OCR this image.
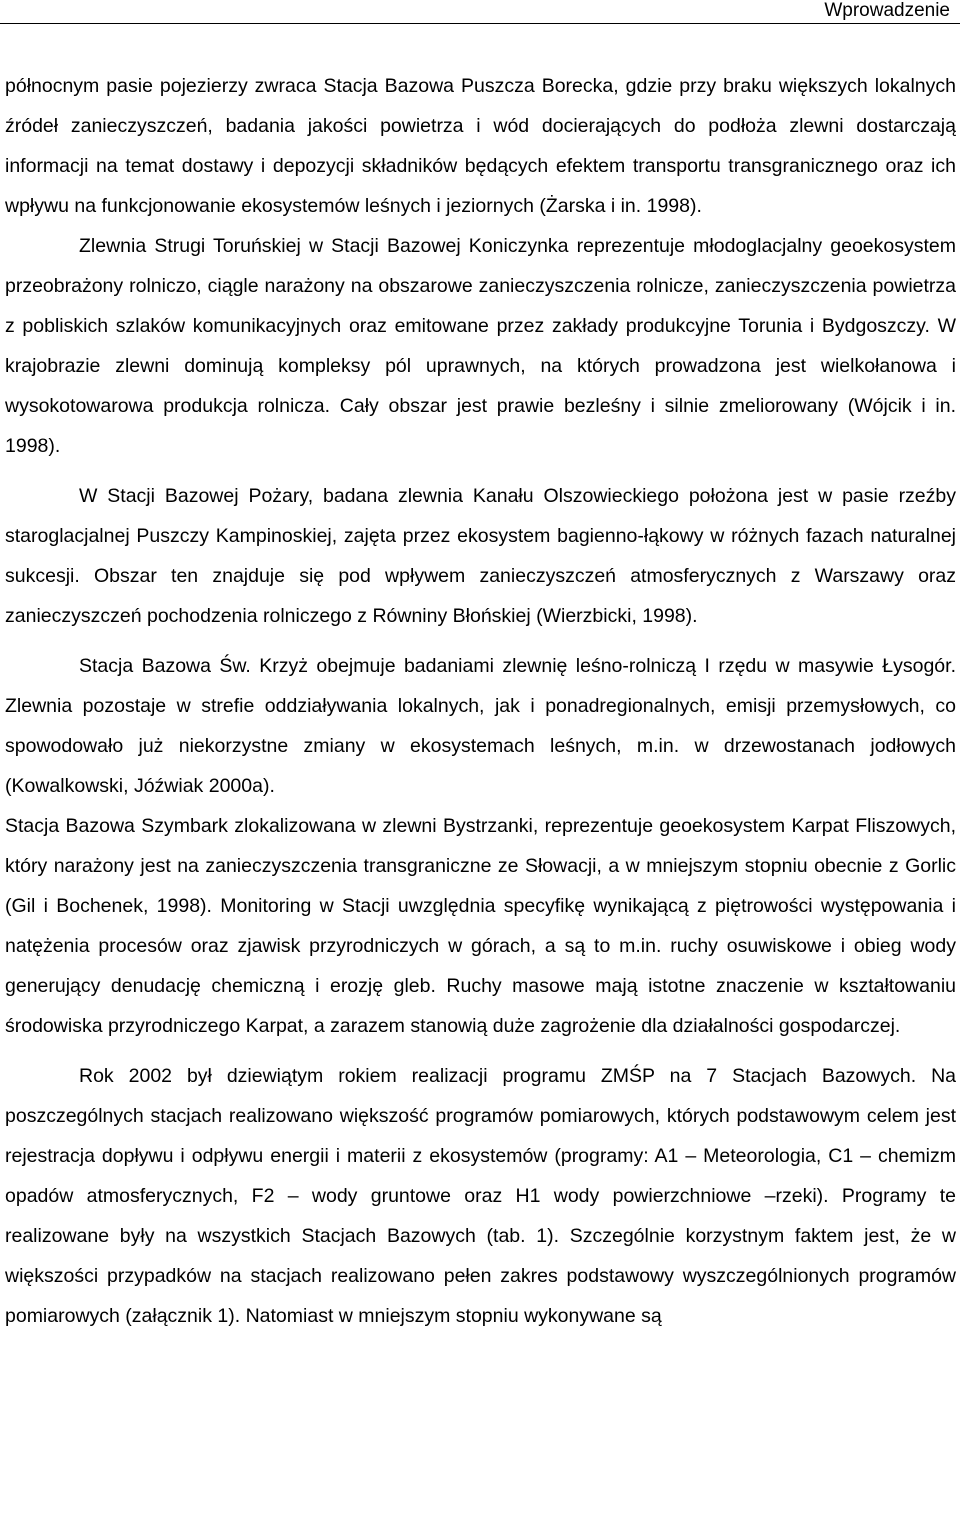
Wprowadzenie

północnym pasie pojezierzy zwraca Stacja Bazowa Puszcza Borecka, gdzie przy braku większych lokalnych źródeł zanieczyszczeń, badania jakości powietrza i wód docierających do podłoża zlewni dostarczają informacji na temat dostawy i depozycji składników będących efektem transportu transgranicznego oraz ich wpływu na funkcjonowanie ekosystemów leśnych i jeziornych (Żarska i in. 1998).

Zlewnia Strugi Toruńskiej w Stacji Bazowej Koniczynka reprezentuje młodoglacjalny geoekosystem przeobrażony rolniczo, ciągle narażony na obszarowe zanieczyszczenia rolnicze, zanieczyszczenia powietrza z pobliskich szlaków komunikacyjnych oraz emitowane przez zakłady produkcyjne Torunia i Bydgoszczy. W krajobrazie zlewni dominują kompleksy pól uprawnych, na których prowadzona jest wielkołanowa i wysokotowarowa produkcja rolnicza. Cały obszar jest prawie bezleśny i silnie zmeliorowany (Wójcik i in. 1998).

W Stacji Bazowej Pożary, badana zlewnia Kanału Olszowieckiego położona jest w pasie rzeźby staroglacjalnej Puszczy Kampinoskiej, zajęta przez ekosystem bagienno-łąkowy w różnych fazach naturalnej sukcesji. Obszar ten znajduje się pod wpływem zanieczyszczeń atmosferycznych z Warszawy oraz zanieczyszczeń pochodzenia rolniczego z Równiny Błońskiej (Wierzbicki, 1998).

Stacja Bazowa Św. Krzyż obejmuje badaniami zlewnię leśno-rolniczą I rzędu w masywie Łysogór. Zlewnia pozostaje w strefie oddziaływania lokalnych, jak i ponadregionalnych, emisji przemysłowych, co spowodowało już niekorzystne zmiany w ekosystemach leśnych, m.in. w drzewostanach jodłowych (Kowalkowski, Jóźwiak 2000a).

Stacja Bazowa Szymbark zlokalizowana w zlewni Bystrzanki, reprezentuje geoekosystem Karpat Fliszowych, który narażony jest na zanieczyszczenia transgraniczne ze Słowacji, a w mniejszym stopniu obecnie z Gorlic (Gil i Bochenek, 1998). Monitoring w Stacji uwzględnia specyfikę wynikającą z piętrowości występowania i natężenia procesów oraz zjawisk przyrodniczych w górach, a są to m.in. ruchy osuwiskowe i obieg wody generujący denudację chemiczną i erozję gleb. Ruchy masowe mają istotne znaczenie w kształtowaniu środowiska przyrodniczego Karpat, a zarazem stanowią duże zagrożenie dla działalności gospodarczej.

Rok 2002 był dziewiątym rokiem realizacji programu ZMŚP na 7 Stacjach Bazowych. Na poszczególnych stacjach realizowano większość programów pomiarowych, których podstawowym celem jest rejestracja dopływu i odpływu energii i materii z ekosystemów (programy: A1 – Meteorologia, C1 – chemizm opadów atmosferycznych, F2 – wody gruntowe oraz H1 wody powierzchniowe –rzeki). Programy te realizowane były na wszystkich Stacjach Bazowych (tab. 1). Szczególnie korzystnym faktem jest, że w większości przypadków na stacjach realizowano pełen zakres podstawowy wyszczególnionych programów pomiarowych (załącznik 1). Natomiast w mniejszym stopniu wykonywane są
